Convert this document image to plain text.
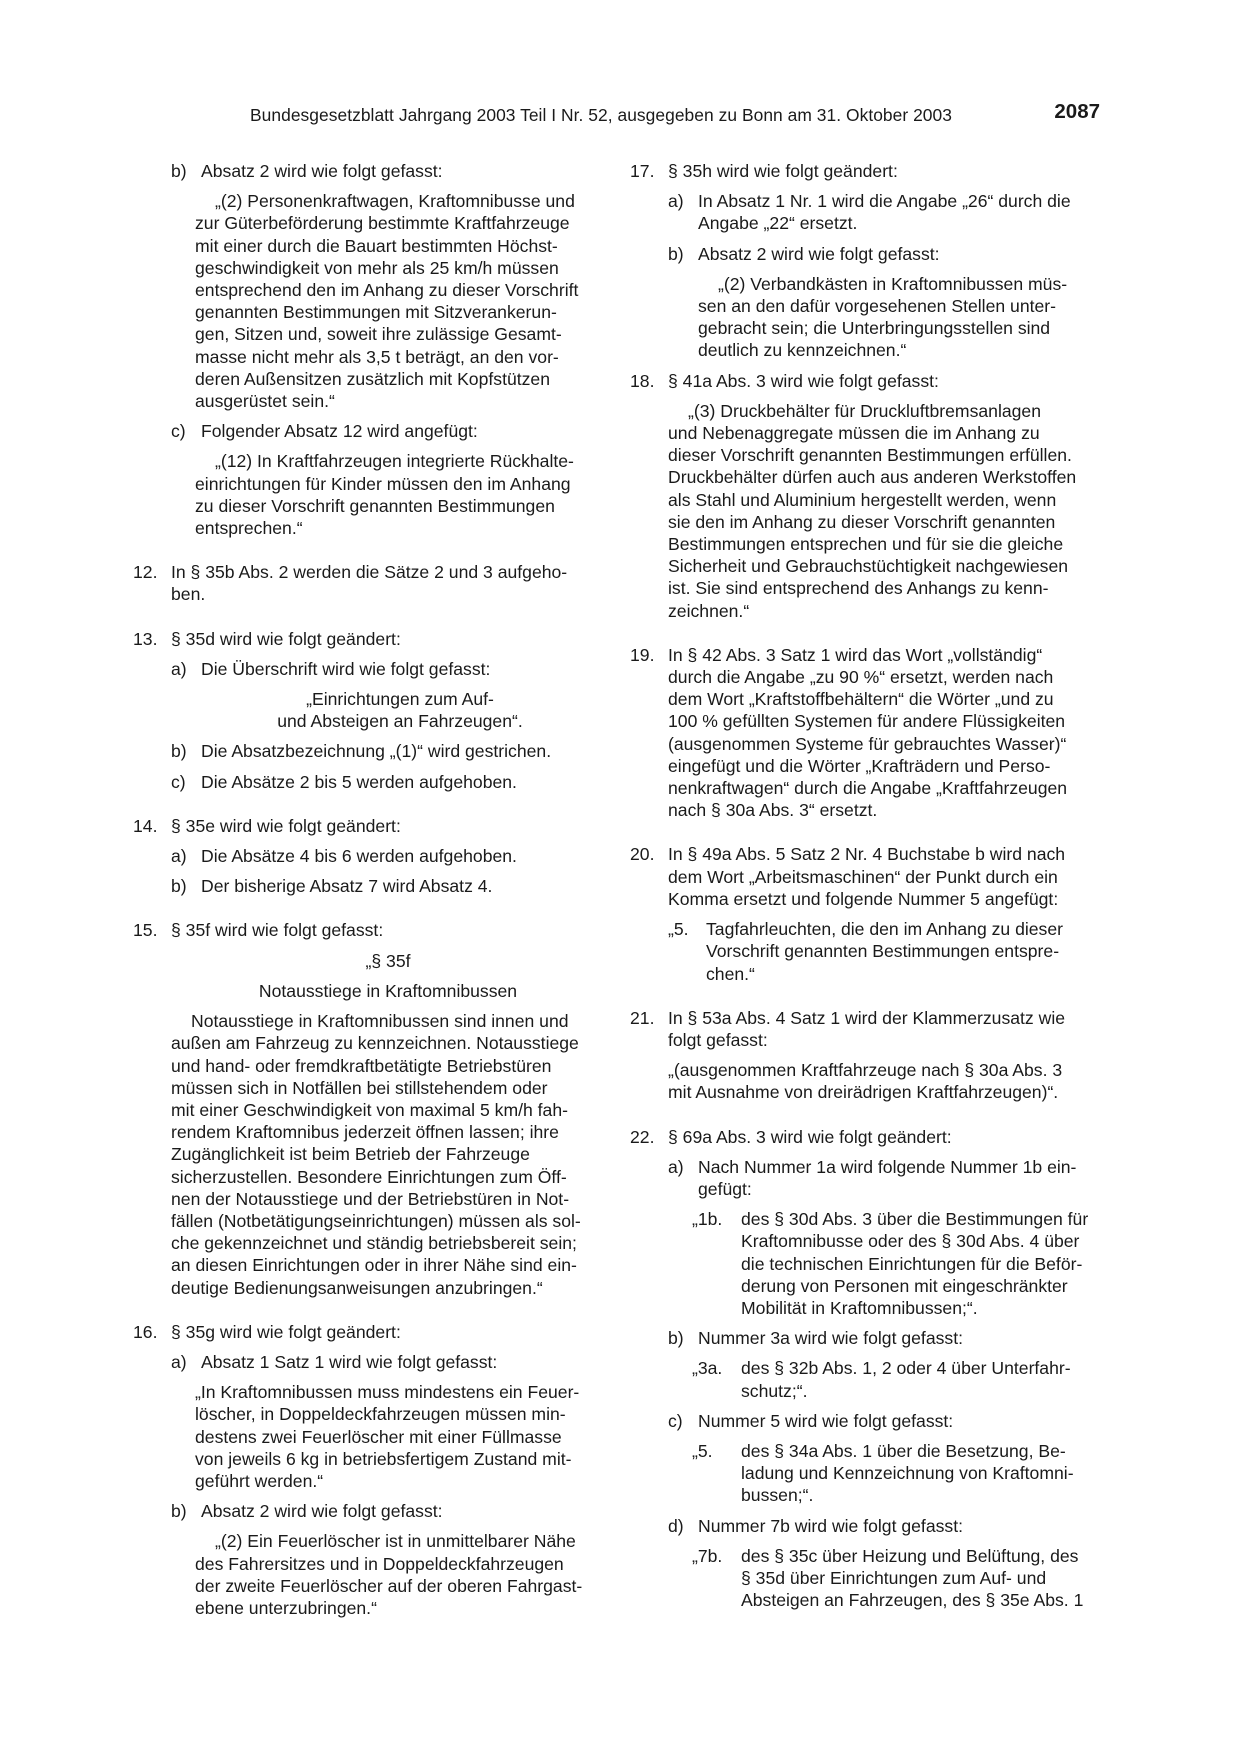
Bundesgesetzblatt Jahrgang 2003 Teil I Nr. 52, ausgegeben zu Bonn am 31. Oktober 2003	2087
b) Absatz 2 wird wie folgt gefasst:

„(2) Personenkraftwagen, Kraftomnibusse und
zur Güterbeförderung bestimmte Kraftfahrzeuge
mit einer durch die Bauart bestimmten Höchst-
geschwindigkeit von mehr als 25 km/h müssen
entsprechend den im Anhang zu dieser Vorschrift
genannten Bestimmungen mit Sitzverankerun-
gen, Sitzen und, soweit ihre zulässige Gesamt-
masse nicht mehr als 3,5 t beträgt, an den vor-
deren Außensitzen zusätzlich mit Kopfstützen
ausgerüstet sein.“
c) Folgender Absatz 12 wird angefügt:

„(12) In Kraftfahrzeugen integrierte Rückhalte-
einrichtungen für Kinder müssen den im Anhang
zu dieser Vorschrift genannten Bestimmungen
entsprechen.“
12. In § 35b Abs. 2 werden die Sätze 2 und 3 aufgeho-
ben.
13. § 35d wird wie folgt geändert:
a) Die Überschrift wird wie folgt gefasst:
„Einrichtungen zum Auf-
und Absteigen an Fahrzeugen“.
b) Die Absatzbezeichnung „(1)“ wird gestrichen.
c) Die Absätze 2 bis 5 werden aufgehoben.
14. § 35e wird wie folgt geändert:
a) Die Absätze 4 bis 6 werden aufgehoben.
b) Der bisherige Absatz 7 wird Absatz 4.
15. § 35f wird wie folgt gefasst:
„§ 35f
Notausstiege in Kraftomnibussen
Notausstiege in Kraftomnibussen sind innen und
außen am Fahrzeug zu kennzeichnen. Notausstiege
und hand- oder fremdkraftbetätigte Betriebstüren
müssen sich in Notfällen bei stillstehendem oder
mit einer Geschwindigkeit von maximal 5 km/h fah-
rendem Kraftomnibus jederzeit öffnen lassen; ihre
Zugänglichkeit ist beim Betrieb der Fahrzeuge
sicherzustellen. Besondere Einrichtungen zum Öff-
nen der Notausstiege und der Betriebstüren in Not-
fällen (Notbetätigungseinrichtungen) müssen als sol-
che gekennzeichnet und ständig betriebsbereit sein;
an diesen Einrichtungen oder in ihrer Nähe sind ein-
deutige Bedienungsanweisungen anzubringen.“
16. § 35g wird wie folgt geändert:
a) Absatz 1 Satz 1 wird wie folgt gefasst:
„In Kraftomnibussen muss mindestens ein Feuer-
löscher, in Doppeldeckfahrzeugen müssen min-
destens zwei Feuerlöscher mit einer Füllmasse
von jeweils 6 kg in betriebsfertigem Zustand mit-
geführt werden.“
b) Absatz 2 wird wie folgt gefasst:
„(2) Ein Feuerlöscher ist in unmittelbarer Nähe
des Fahrersitzes und in Doppeldeckfahrzeugen
der zweite Feuerlöscher auf der oberen Fahrgast-
ebene unterzubringen.“
17. § 35h wird wie folgt geändert:
a) In Absatz 1 Nr. 1 wird die Angabe „26“ durch die
Angabe „22“ ersetzt.
b) Absatz 2 wird wie folgt gefasst:
„(2) Verbandkästen in Kraftomnibussen müs-
sen an den dafür vorgesehenen Stellen unter-
gebracht sein; die Unterbringungsstellen sind
deutlich zu kennzeichnen.“
18. § 41a Abs. 3 wird wie folgt gefasst:
„(3) Druckbehälter für Druckluftbremsanlagen
und Nebenaggregate müssen die im Anhang zu
dieser Vorschrift genannten Bestimmungen erfüllen.
Druckbehälter dürfen auch aus anderen Werkstoffen
als Stahl und Aluminium hergestellt werden, wenn
sie den im Anhang zu dieser Vorschrift genannten
Bestimmungen entsprechen und für sie die gleiche
Sicherheit und Gebrauchstüchtigkeit nachgewiesen
ist. Sie sind entsprechend des Anhangs zu kenn-
zeichnen.“
19. In § 42 Abs. 3 Satz 1 wird das Wort „vollständig“
durch die Angabe „zu 90 %“ ersetzt, werden nach
dem Wort „Kraftstoffbehältern“ die Wörter „und zu
100 % gefüllten Systemen für andere Flüssigkeiten
(ausgenommen Systeme für gebrauchtes Wasser)“
eingefügt und die Wörter „Krafträdern und Perso-
nenkraftwagen“ durch die Angabe „Kraftfahrzeugen
nach § 30a Abs. 3“ ersetzt.
20. In § 49a Abs. 5 Satz 2 Nr. 4 Buchstabe b wird nach
dem Wort „Arbeitsmaschinen“ der Punkt durch ein
Komma ersetzt und folgende Nummer 5 angefügt:
„5. Tagfahrleuchten, die den im Anhang zu dieser
Vorschrift genannten Bestimmungen entspre-
chen.“
21. In § 53a Abs. 4 Satz 1 wird der Klammerzusatz wie
folgt gefasst:
„(ausgenommen Kraftfahrzeuge nach § 30a Abs. 3
mit Ausnahme von dreirädrigen Kraftfahrzeugen)“.
22. § 69a Abs. 3 wird wie folgt geändert:
a) Nach Nummer 1a wird folgende Nummer 1b ein-
gefügt:
„1b. des § 30d Abs. 3 über die Bestimmungen für
Kraftomnibusse oder des § 30d Abs. 4 über
die technischen Einrichtungen für die Beför-
derung von Personen mit eingeschränkter
Mobilität in Kraftomnibussen;“.
b) Nummer 3a wird wie folgt gefasst:
„3a. des § 32b Abs. 1, 2 oder 4 über Unterfahr-
schutz;“.
c) Nummer 5 wird wie folgt gefasst:
„5. des § 34a Abs. 1 über die Besetzung, Be-
ladung und Kennzeichnung von Kraftomni-
bussen;“.
d) Nummer 7b wird wie folgt gefasst:
„7b. des § 35c über Heizung und Belüftung, des
§ 35d über Einrichtungen zum Auf- und
Absteigen an Fahrzeugen, des § 35e Abs. 1
